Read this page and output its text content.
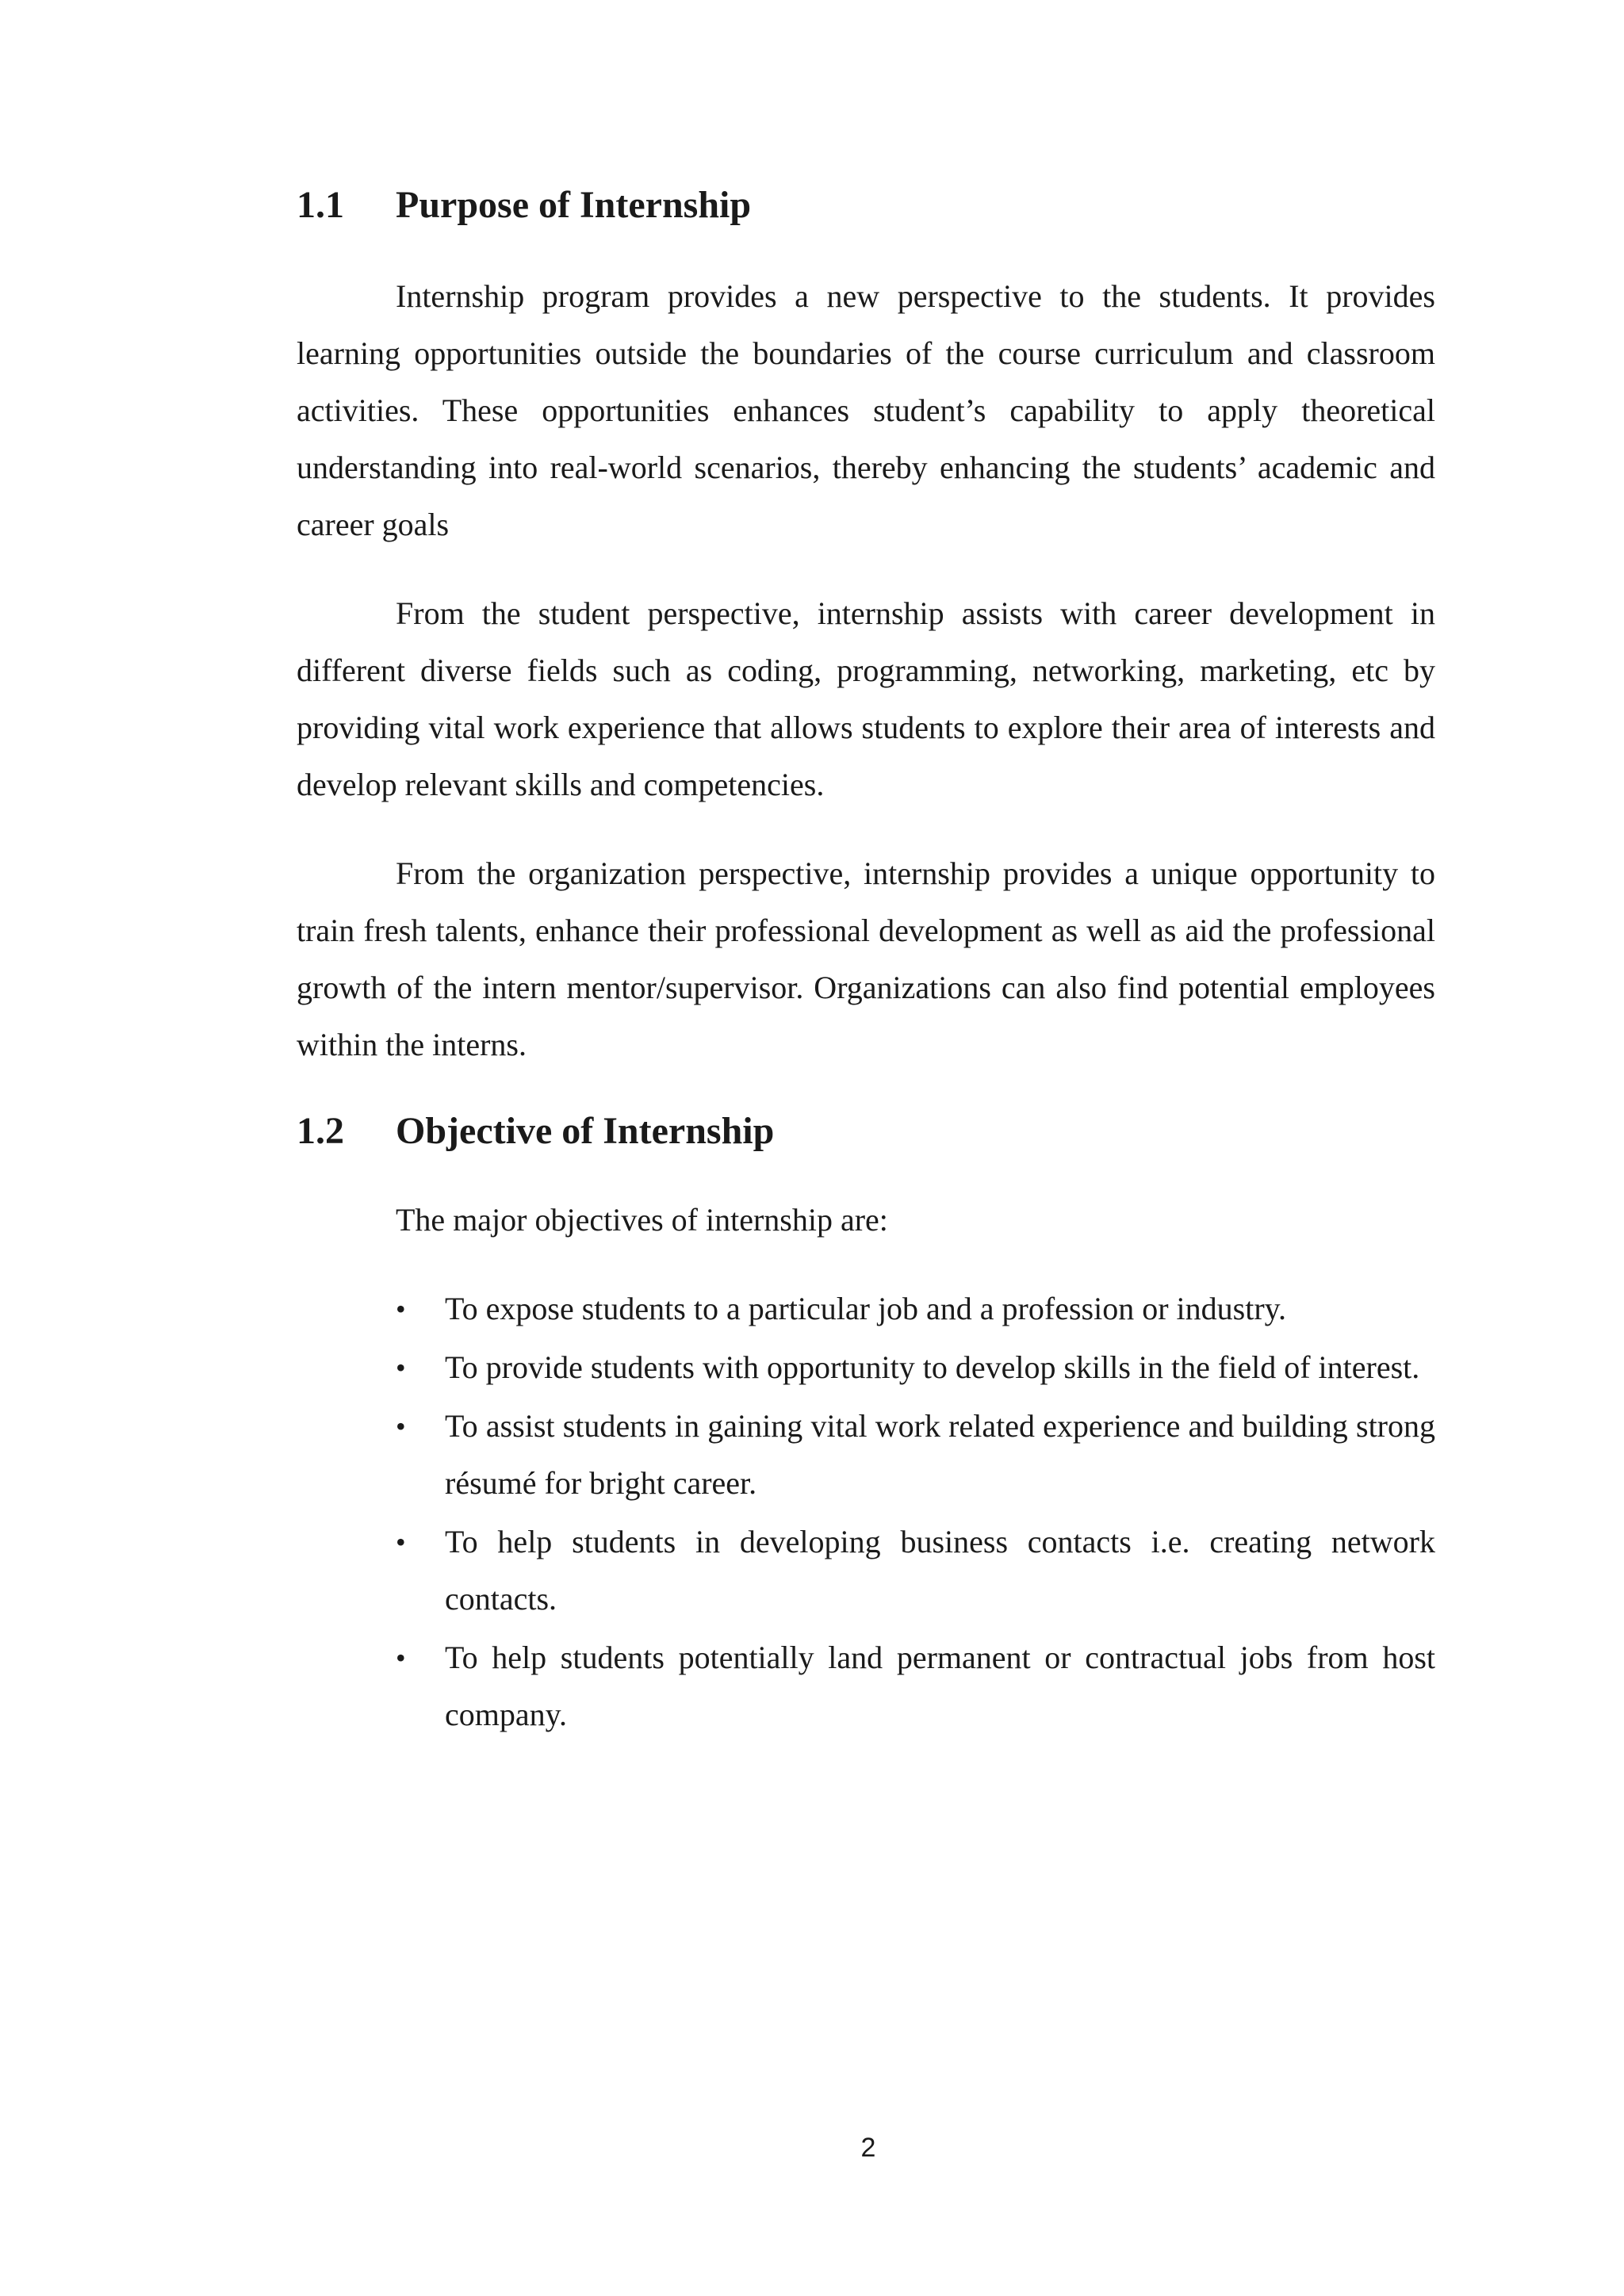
1.1	Purpose of Internship

Internship program provides a new perspective to the students. It provides learning opportunities outside the boundaries of the course curriculum and classroom activities. These opportunities enhances student’s capability to apply theoretical understanding into real-world scenarios, thereby enhancing the students’ academic and career goals

From the student perspective, internship assists with career development in different diverse fields such as coding, programming, networking, marketing, etc by providing vital work experience that allows students to explore their area of interests and develop relevant skills and competencies.

From the organization perspective, internship provides a unique opportunity to train fresh talents, enhance their professional development as well as aid the professional growth of the intern mentor/supervisor. Organizations can also find potential employees within the interns.

1.2	Objective of Internship

The major objectives of internship are:

• To expose students to a particular job and a profession or industry.
• To provide students with opportunity to develop skills in the field of interest.
• To assist students in gaining vital work related experience and building strong résumé for bright career.
• To help students in developing business contacts i.e. creating network contacts.
• To help students potentially land permanent or contractual jobs from host company.
2
